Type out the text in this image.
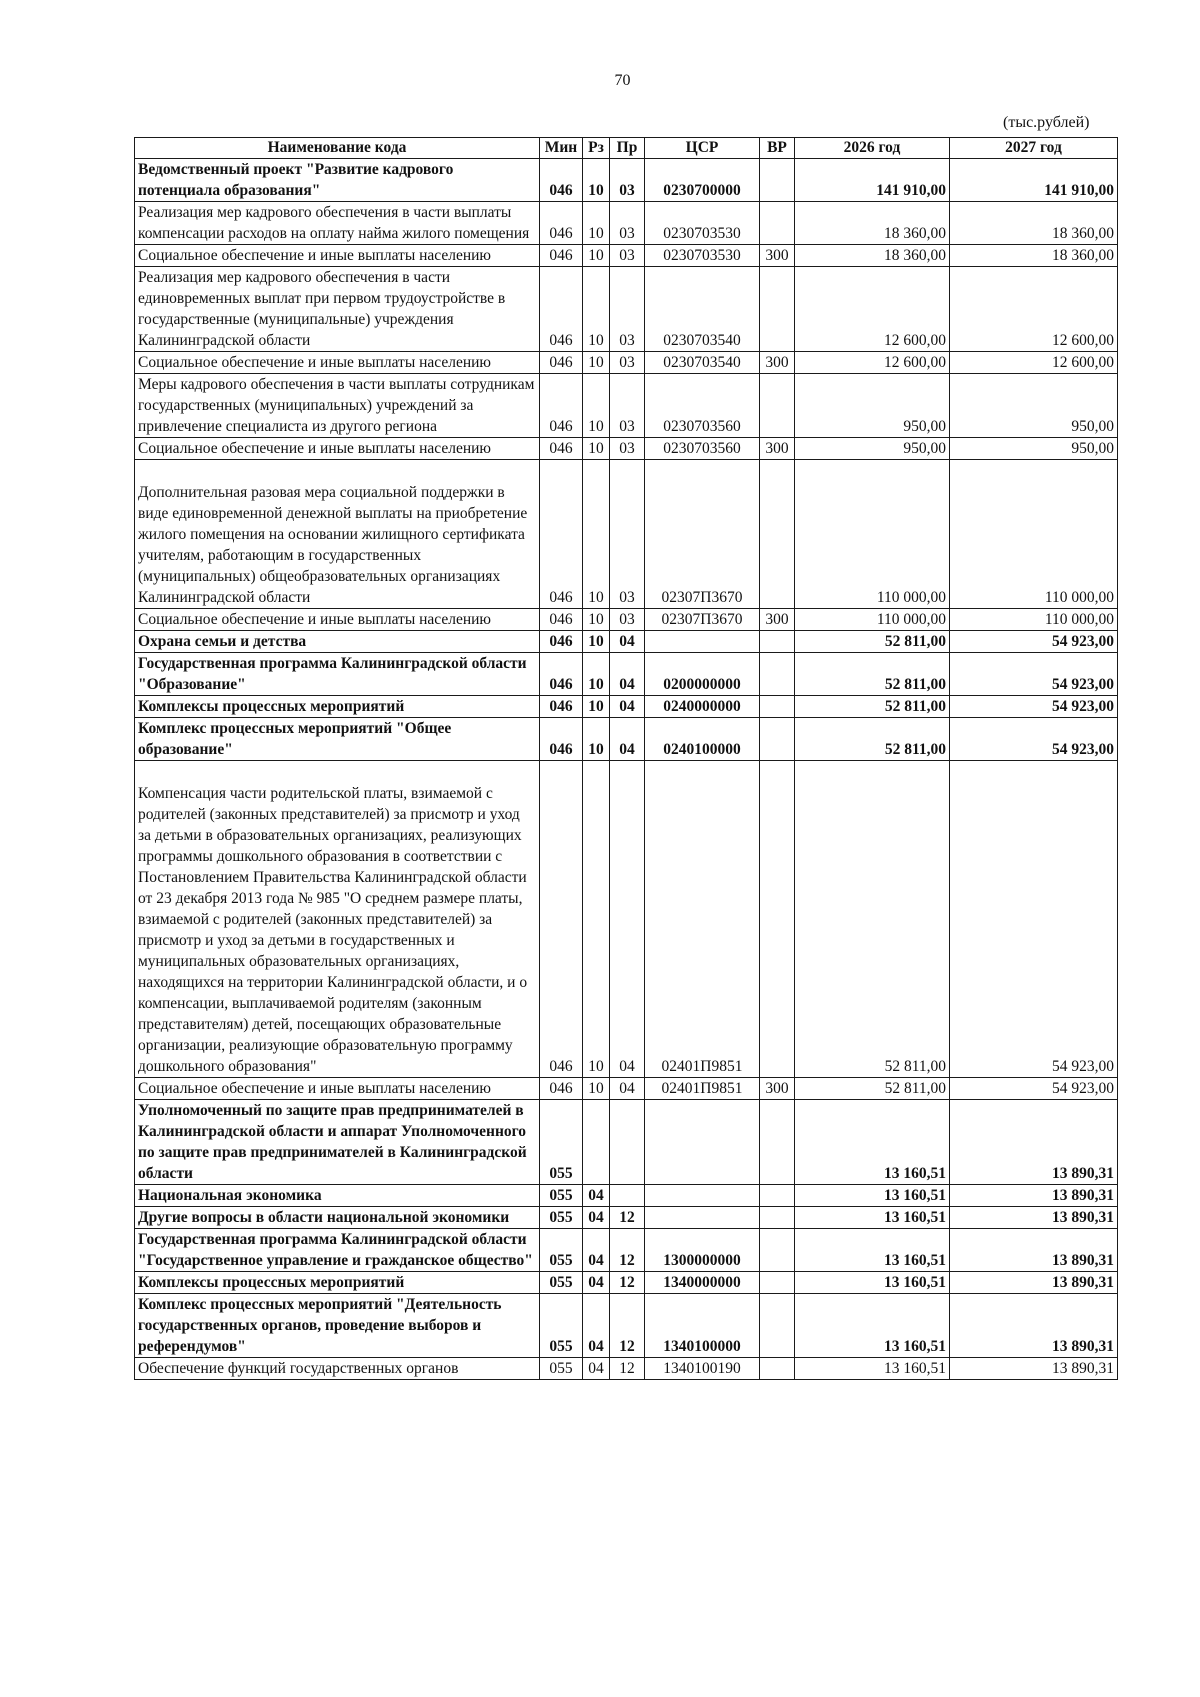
70
(тыс.рублей)
Наименование кода	Мин	Рз	Пр	ЦСР	ВР	2026 год	2027 год
Ведомственный проект "Развитие кадрового потенциала образования"	046	10	03	0230700000		141 910,00	141 910,00
Реализация мер кадрового обеспечения в части выплаты компенсации расходов на оплату найма жилого помещения	046	10	03	0230703530		18 360,00	18 360,00
Социальное обеспечение и иные выплаты населению	046	10	03	0230703530	300	18 360,00	18 360,00
Реализация мер кадрового обеспечения в части единовременных выплат при первом трудоустройстве в государственные (муниципальные) учреждения Калининградской области	046	10	03	0230703540		12 600,00	12 600,00
Социальное обеспечение и иные выплаты населению	046	10	03	0230703540	300	12 600,00	12 600,00
Меры кадрового обеспечения в части выплаты сотрудникам государственных (муниципальных) учреждений за привлечение специалиста из другого региона	046	10	03	0230703560		950,00	950,00
Социальное обеспечение и иные выплаты населению	046	10	03	0230703560	300	950,00	950,00
Дополнительная разовая мера социальной поддержки в виде единовременной денежной выплаты на приобретение жилого помещения на основании жилищного сертификата учителям, работающим в государственных (муниципальных) общеобразовательных организациях Калининградской области	046	10	03	02307П3670		110 000,00	110 000,00
Социальное обеспечение и иные выплаты населению	046	10	03	02307П3670	300	110 000,00	110 000,00
Охрана семьи и детства	046	10	04			52 811,00	54 923,00
Государственная программа Калининградской области "Образование"	046	10	04	0200000000		52 811,00	54 923,00
Комплексы процессных мероприятий	046	10	04	0240000000		52 811,00	54 923,00
Комплекс процессных мероприятий "Общее образование"	046	10	04	0240100000		52 811,00	54 923,00
Компенсация части родительской платы, взимаемой с родителей (законных представителей) за присмотр и уход за детьми в образовательных организациях, реализующих программы дошкольного образования в соответствии с Постановлением Правительства Калининградской области от 23 декабря 2013 года № 985 "О среднем размере платы, взимаемой с родителей (законных представителей) за присмотр и уход за детьми в государственных и муниципальных образовательных организациях, находящихся на территории Калининградской области, и о компенсации, выплачиваемой родителям (законным представителям) детей, посещающих образовательные организации, реализующие образовательную программу дошкольного образования"	046	10	04	02401П9851		52 811,00	54 923,00
Социальное обеспечение и иные выплаты населению	046	10	04	02401П9851	300	52 811,00	54 923,00
Уполномоченный по защите прав предпринимателей в Калининградской области и аппарат Уполномоченного по защите прав предпринимателей в Калининградской области	055					13 160,51	13 890,31
Национальная экономика	055	04				13 160,51	13 890,31
Другие вопросы в области национальной экономики	055	04	12			13 160,51	13 890,31
Государственная программа Калининградской области "Государственное управление и гражданское общество"	055	04	12	1300000000		13 160,51	13 890,31
Комплексы процессных мероприятий	055	04	12	1340000000		13 160,51	13 890,31
Комплекс процессных мероприятий "Деятельность государственных органов, проведение выборов и референдумов"	055	04	12	1340100000		13 160,51	13 890,31
Обеспечение функций государственных органов	055	04	12	1340100190		13 160,51	13 890,31
